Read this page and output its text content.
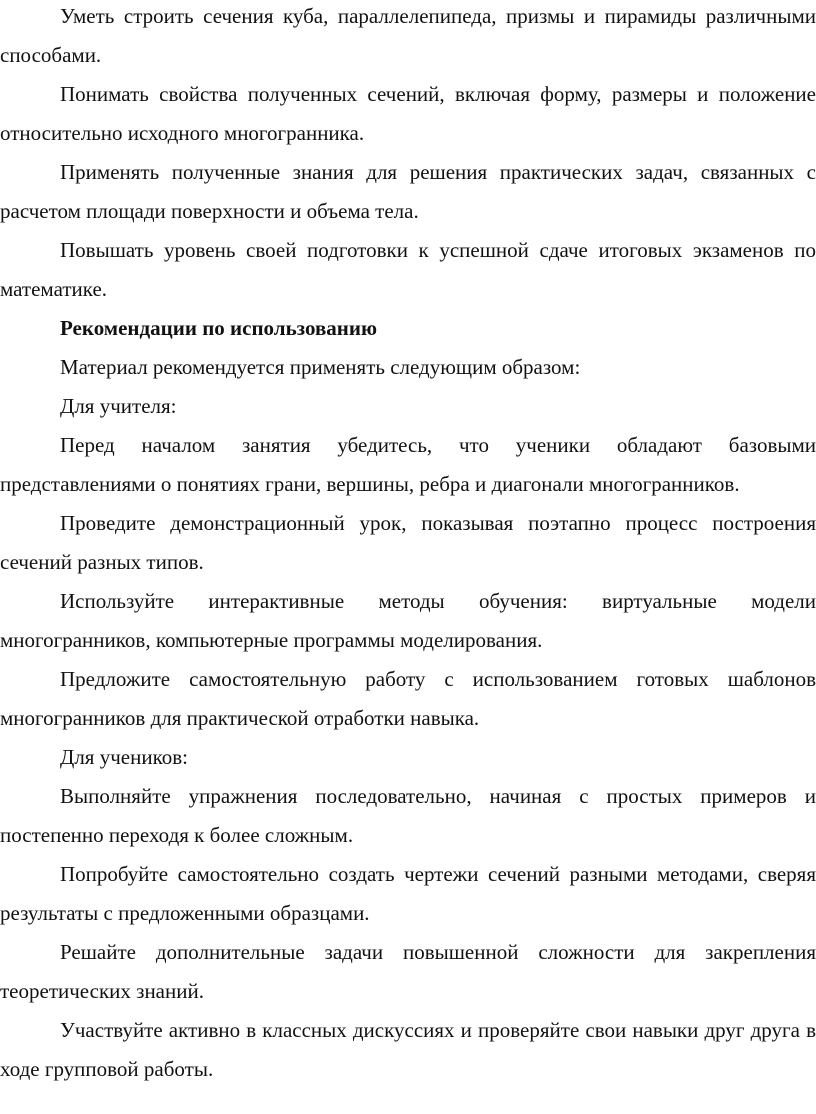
Уметь строить сечения куба, параллелепипеда, призмы и пирамиды различными способами.

Понимать свойства полученных сечений, включая форму, размеры и положение относительно исходного многогранника.

Применять полученные знания для решения практических задач, связанных с расчетом площади поверхности и объема тела.

Повышать уровень своей подготовки к успешной сдаче итоговых экзаменов по математике.

Рекомендации по использованию

Материал рекомендуется применять следующим образом:

Для учителя:

Перед началом занятия убедитесь, что ученики обладают базовыми представлениями о понятиях грани, вершины, ребра и диагонали многогранников.

Проведите демонстрационный урок, показывая поэтапно процесс построения сечений разных типов.

Используйте интерактивные методы обучения: виртуальные модели многогранников, компьютерные программы моделирования.

Предложите самостоятельную работу с использованием готовых шаблонов многогранников для практической отработки навыка.

Для учеников:

Выполняйте упражнения последовательно, начиная с простых примеров и постепенно переходя к более сложным.

Попробуйте самостоятельно создать чертежи сечений разными методами, сверяя результаты с предложенными образцами.

Решайте дополнительные задачи повышенной сложности для закрепления теоретических знаний.

Участвуйте активно в классных дискуссиях и проверяйте свои навыки друг друга в ходе групповой работы.
